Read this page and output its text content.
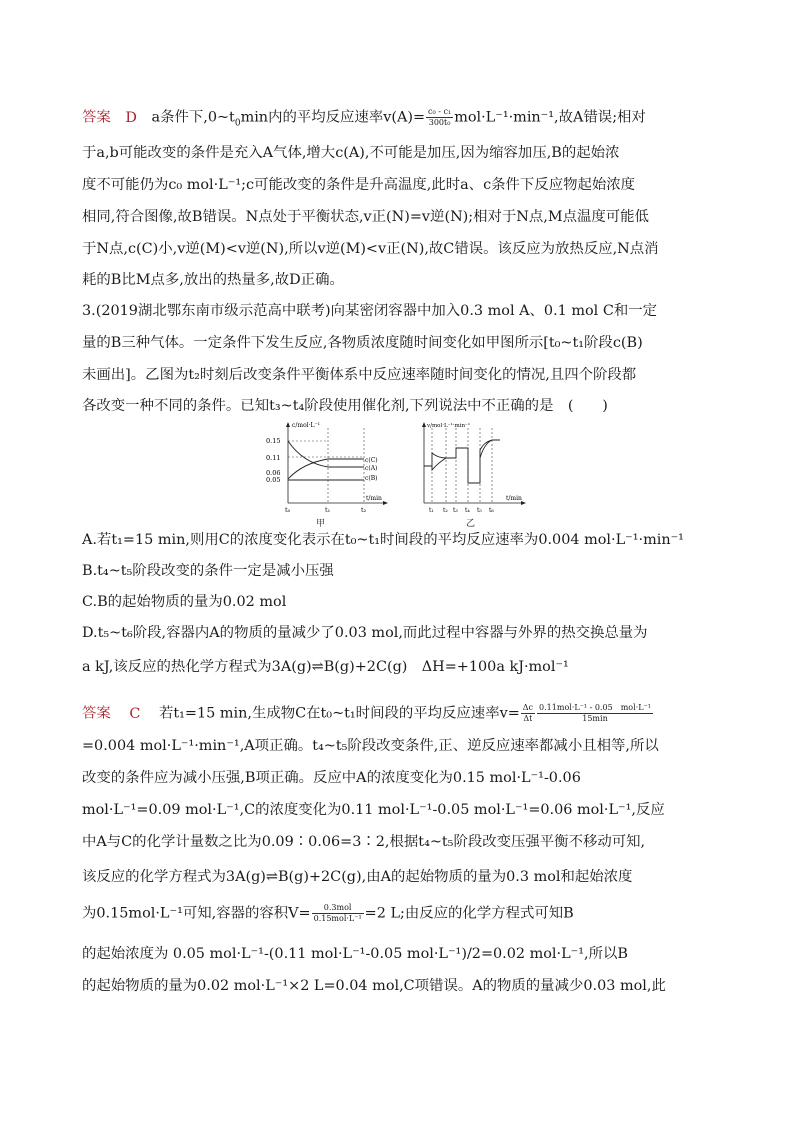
答案 D a条件下$,0\sim t_0\min$内的平均反应速率$v(A)= \frac{\text{c₀ - c₁}}{\text{300t₀}} mol\cdot L^{-1}\cdot\min^{-1}$,故A错误;相对
于a,b可能改变的条件是充入A气体,增大c(A),不可能是加压,因为缩容加压,B的起始浓
度不可能仍为c₀ mol·L⁻¹;c可能改变的条件是升高温度,此时a、c条件下反应物起始浓度
相同,符合图像,故B错误。N点处于平衡状态,v正(N)=v逆(N);相对于N点,M点温度可能低
于N点,c(C)小,v逆(M)<v逆(N),所以v逆(M)<v正(N),故C错误。该反应为放热反应,N点消
耗的B比M点多,放出的热量多,故D正确。
3.(2019湖北鄂东南市级示范高中联考)向某密闭容器中加入0.3 mol A、0.1 mol C和一定
量的B三种气体。一定条件下发生反应,各物质浓度随时间变化如甲图所示[t₀~t₁阶段c(B)
未画出]。乙图为t₂时刻后改变条件平衡体系中反应速率随时间变化的情况,且四个阶段都
各改变一种不同的条件。已知t₃~t₄阶段使用催化剂,下列说法中不正确的是　(　　)
c/mol·L⁻¹
t/min
0.15
0.11
0.06
0.05
c(C)
c(A)
c(B)
t₀	t₁	t₂
甲
v/mol·L⁻¹·min⁻¹
t/min
t₁ t₂ t₃ t₄ t₅ t₆
乙
A.若t₁=15 min,则用C的浓度变化表示在t₀~t₁时间段的平均反应速率为0.004 mol·L⁻¹·min⁻¹
B.t₄~t₅阶段改变的条件一定是减小压强
C.B的起始物质的量为0.02 mol
D.t₅~t₆阶段,容器内A的物质的量减少了0.03 mol,而此过程中容器与外界的热交换总量为
a kJ,该反应的热化学方程式为3A(g)⇌B(g)+2C(g)　ΔH=+100a kJ·mol⁻¹
答案 C 若t₁=15 min,生成物C在t₀~t₁时间段的平均反应速率$v= \frac{\Delta c}{\Delta t} \frac{\text{0.11mol·L⁻¹ - 0.05　mol·L⁻¹}}{15\min}$
=0.004 mol·L⁻¹·min⁻¹,A项正确。t₄~t₅阶段改变条件,正、逆反应速率都减小且相等,所以
改变的条件应为减小压强,B项正确。反应中A的浓度变化为0.15 mol·L⁻¹-0.06
mol·L⁻¹=0.09 mol·L⁻¹,C的浓度变化为0.11 mol·L⁻¹-0.05 mol·L⁻¹=0.06 mol·L⁻¹,反应
中A与C的化学计量数之比为0.09∶0.06=3∶2,根据t₄~t₅阶段改变压强平衡不移动可知,
该反应的化学方程式为3A(g)⇌B(g)+2C(g),由A的起始物质的量为0.3 mol和起始浓度
为0.15mol·L⁻¹可知,容器的容积$V= \frac{\text{0.3mol}}{\text{0.15mol·L⁻¹}} =2$ L;由反应的化学方程式可知B
的起始浓度为 0.05 mol·L⁻¹-(0.11 mol·L⁻¹-0.05 mol·L⁻¹)/2=0.02 mol·L⁻¹,所以B
的起始物质的量为0.02 mol·L⁻¹×2 L=0.04 mol,C项错误。A的物质的量减少0.03 mol,此
